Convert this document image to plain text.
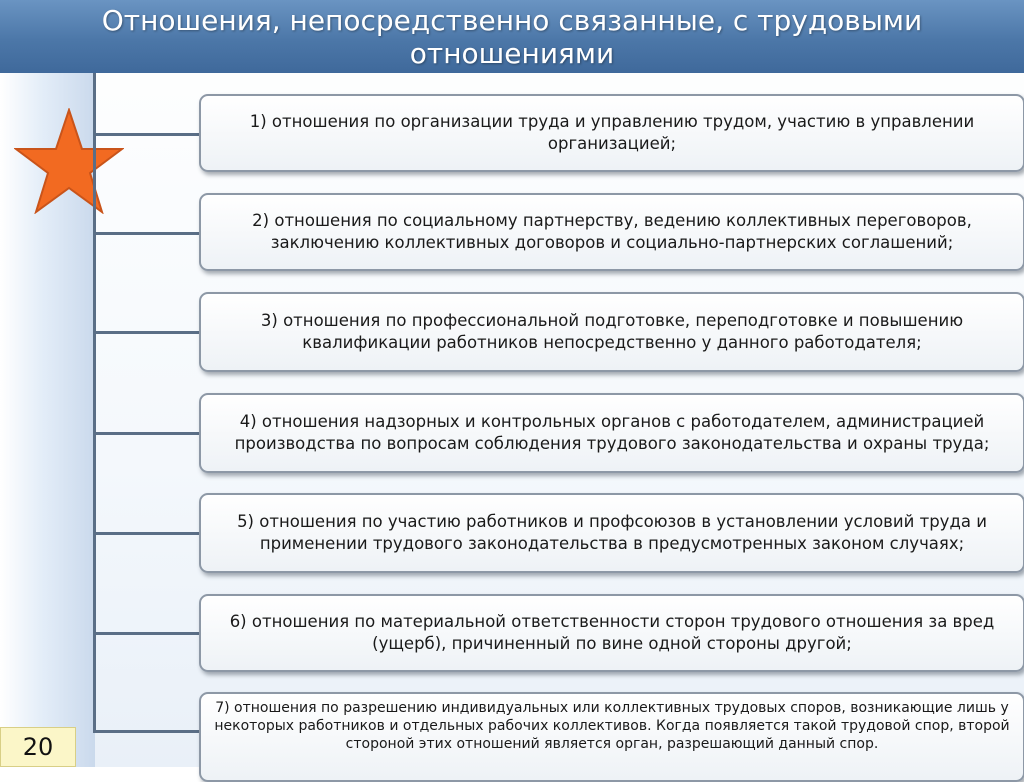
Отношения, непосредственно связанные, с трудовыми отношениями
1) отношения по организации труда и управлению трудом, участию в управлении организацией;
2) отношения по социальному партнерству, ведению коллективных переговоров, заключению коллективных договоров и социально-партнерских соглашений;
3) отношения по профессиональной подготовке, переподготовке и повышению квалификации работников непосредственно у данного работодателя;
4) отношения надзорных и контрольных органов с работодателем, администрацией производства по вопросам соблюдения трудового законодательства и охраны труда;
5) отношения по участию работников и профсоюзов в установлении условий труда и применении трудового законодательства в предусмотренных законом случаях;
6) отношения по материальной ответственности сторон трудового отношения за вред (ущерб), причиненный по вине одной стороны другой;
7) отношения по разрешению индивидуальных или коллективных трудовых споров, возникающие лишь у некоторых работников и отдельных рабочих коллективов. Когда появляется такой трудовой спор, второй стороной этих отношений является орган, разрешающий данный спор.
20
